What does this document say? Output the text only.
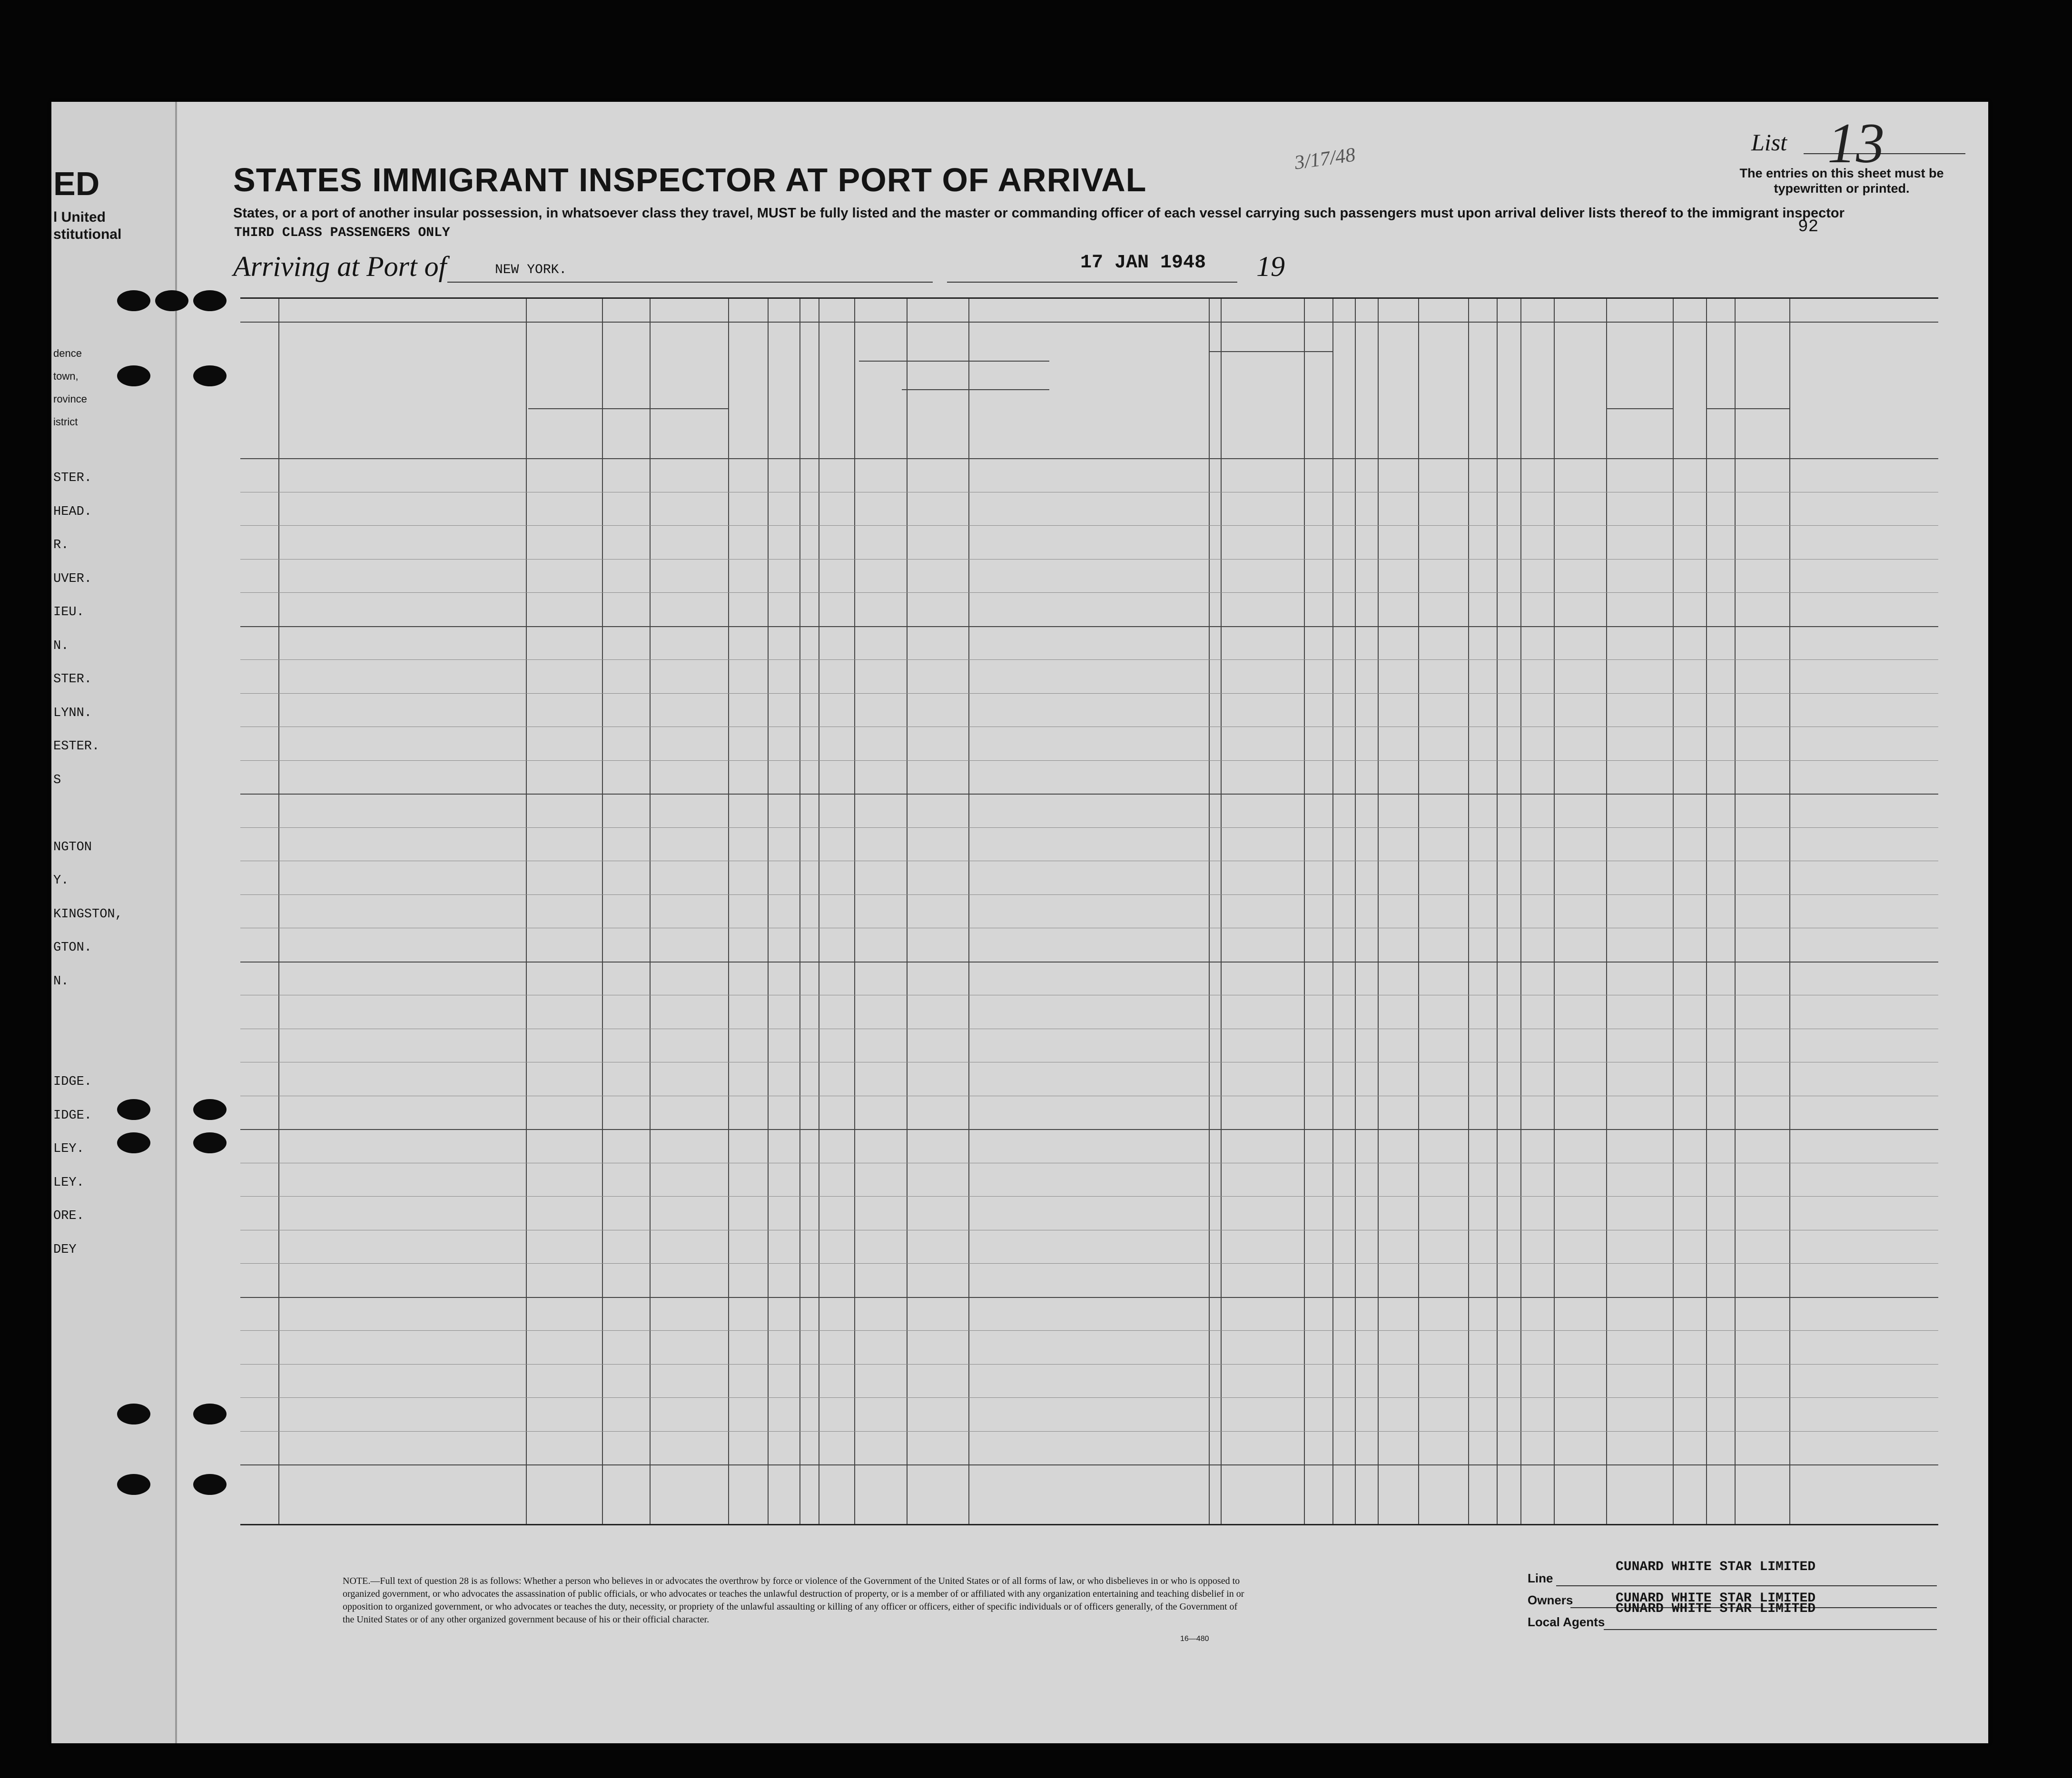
ED
l United
stitutional
STER.
HEAD.
R.
UVER.
IEU.
N.
STER.
LYNN.
ESTER.
S
NGTON
Y.
KINGSTON,
GTON.
N.
IDGE.
IDGE.
LEY.
LEY.
ORE.
DEY
dence
town,
rovince
istrict
STATES IMMIGRANT INSPECTOR AT PORT OF ARRIVAL
States, or a port of another insular possession, in whatsoever class they travel, MUST be fully listed and the master or commanding officer of each vessel carrying such passengers must upon arrival deliver lists thereof to the immigrant inspector
THIRD CLASS PASSENGERS ONLY
Arriving at Port of	NEW YORK.	17 JAN 1948 19
List 13
The entries on this sheet must be typewritten or printed.
92
3/17/48
NOTE.—Full text of question 28 is as follows: Whether a person who believes in or advocates the overthrow by force or violence of the Government of the United States or of all forms of law, or who disbelieves in or who is opposed to organized government, or who advocates the assassination of public officials, or who advocates or teaches the unlawful destruction of property, or is a member of or affiliated with any organization entertaining and teaching disbelief in or opposition to organized government, or who advocates or teaches the duty, necessity, or propriety of the unlawful assaulting or killing of any officer or officers, either of specific individuals or of officers generally, of the Government of the United States or of any other organized government because of his or their official character.
16—480
Line
CUNARD WHITE STAR LIMITED
Owners	CUNARD WHITE STAR LIMITED
Local Agents
CUNARD WHITE STAR LIMITED
